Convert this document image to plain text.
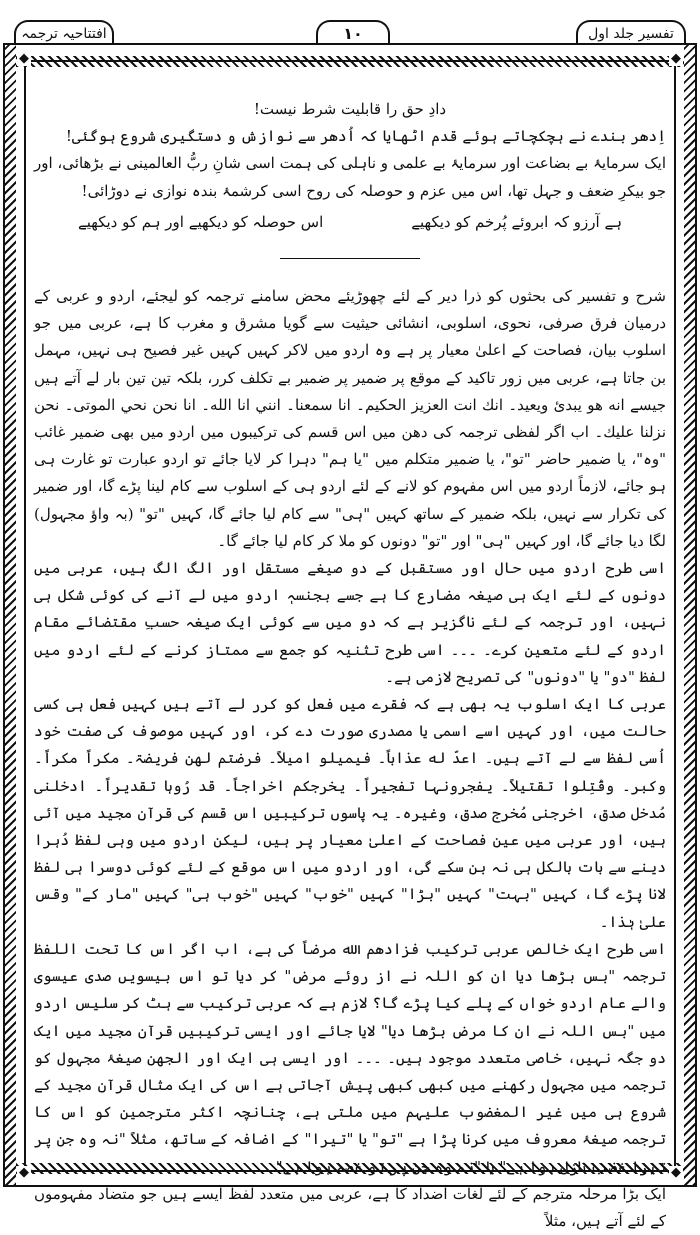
افتتاحیہ ترجمہ	۱۰	تفسیر جلد اول
◆	◆
◆	◆

دادِ حق را قابلیت شرط نیست!

اِدھر بندے نے ہچکچاتے ہوئے قدم اٹھایا کہ اُدھر سے نوازش و دستگیری شروع ہوگئی!

ایک سرمایۂ بے بضاعت اور سرمایۂ بے علمی و ناہلی کی ہمت اسی شانِ ربُّ العالمینی نے بڑھائی، اور جو بیکرِ ضعف و جہل تھا، اس میں عزم و حوصلہ کی روح اسی کرشمۂ بندہ نوازی نے دوڑائی!

ہے آرزو کہ ابروئے پُرخم کو دیکھیے
اس حوصلہ کو دیکھیے اور ہم کو دیکھیے

شرح و تفسیر کی بحثوں کو ذرا دیر کے لئے چھوڑیئے محض سامنے ترجمہ کو لیجئے، اردو و عربی کے درمیان فرق صرفی، نحوی، اسلوبی، انشائی حیثیت سے گویا مشرق و مغرب کا ہے، عربی میں جو اسلوب بیان، فصاحت کے اعلیٰ معیار پر ہے وہ اردو میں لاکر کہیں کہیں غیر فصیح ہی نہیں، مہمل بن جاتا ہے، عربی میں زور تاکید کے موقع پر ضمیر پر ضمیر بے تکلف کرر، بلکہ تین تین بار لے آتے ہیں جیسے انه هو يبدئ ويعيد۔ انك انت العزيز الحكيم۔ انا سمعنا۔ انني انا الله۔ انا نحن نحي الموتى۔ نحن نزلنا عليك۔ اب اگر لفظی ترجمہ کی دھن میں اس قسم کی ترکیبوں میں اردو میں بھی ضمیر غائب "وہ"، یا ضمیر حاضر "تو"، یا ضمیر متکلم میں "یا ہم" دہرا کر لایا جائے تو اردو عبارت تو غارت ہی ہو جائے، لازماً اردو میں اس مفہوم کو لانے کے لئے اردو ہی کے اسلوب سے کام لینا پڑے گا، اور ضمیر کی تکرار سے نہیں، بلکہ ضمیر کے ساتھ کہیں "ہی" سے کام لیا جائے گا، کہیں "تو" (بہ واؤ مجہول) لگا دیا جائے گا، اور کہیں "ہی" اور "تو" دونوں کو ملا کر کام لیا جائے گا۔

اسی طرح اردو میں حال اور مستقبل کے دو صیغے مستقل اور الگ الگ ہیں، عربی میں دونوں کے لئے ایک ہی صیغہ مضارع کا ہے جسے بجنسہٖ اردو میں لے آنے کی کوئی شکل ہی نہیں، اور ترجمہ کے لئے ناگزیر ہے کہ دو میں سے کوئی ایک صیغہ حسبِ مقتضائے مقام اردو کے لئے متعین کرے۔ ۔۔۔ اسی طرح تثنیہ کو جمع سے ممتاز کرنے کے لئے اردو میں لفظ "دو" یا "دونوں" کی تصریح لازمی ہے۔

عربی کا ایک اسلوب یہ بھی ہے کہ فقرے میں فعل کو کرر لے آتے ہیں کہیں فعل ہی کسی حالت میں، اور کہیں اسے اسمی یا مصدری صورت دے کر، اور کہیں موصوف کی صفت خود اُسی لفظ سے لے آتے ہیں۔ اعدّ له عذاباً۔ فیمیلو امیلاً۔ فرضتم لهن فریضۃ۔ مکراً مکراً۔ وکبر۔ وقُتِلوا تقتیلاً۔ یفجرونہا تفجیراً۔ یخرجکم اخراجاً۔ قد رُوہا تقدیراً۔ ادخلنی مُدخل صدق، اخرجنی مُخرج صدق، وغیرہ۔ یہ پاسوں ترکیبیں اس قسم کی قرآن مجید میں آئی ہیں، اور عربی میں عین فصاحت کے اعلیٰ معیار پر ہیں، لیکن اردو میں وہی لفظ دُہرا دینے سے بات بالکل ہی نہ بن سکے گی، اور اردو میں اس موقع کے لئے کوئی دوسرا ہی لفظ لانا پڑے گا، کہیں "بہت" کہیں "بڑا" کہیں "خوب" کہیں "خوب ہی" کہیں "مار کے" وقس علیٰ ہٰذا۔

اسی طرح ایک خالص عربی ترکیب فزادهم الله مرضاً کی ہے، اب اگر اس کا تحت اللفظ ترجمہ "بس بڑھا دیا ان کو اللہ نے از روئے مرض" کر دیا تو اس بیسویں صدی عیسوی والے عام اردو خواں کے پلے کیا پڑے گا؟ لازم ہے کہ عربی ترکیب سے ہٹ کر سلیس اردو میں "بس اللہ نے ان کا مرض بڑھا دیا" لایا جائے اور ایسی ترکیبیں قرآن مجید میں ایک دو جگہ نہیں، خاصی متعدد موجود ہیں۔ ۔۔۔ اور ایسی ہی ایک اور الجھن صیغۂ مجہول کو ترجمہ میں مجہول رکھنے میں کبھی کبھی پیش آجاتی ہے اس کی ایک مثال قرآن مجید کے شروع ہی میں غیر المغضوب علیہم میں ملتی ہے، چنانچہ اکثر مترجمین کو اس کا ترجمہ صیغۂ معروف میں کرنا پڑا ہے "تو" یا "تیرا" کے اضافہ کے ساتھ، مثلاً "نہ وہ جن پر تیرا غضب نازل ہوا ہے" یا "نہ وہ جن پر تو غصہ ہوا ہے"۔

ایک بڑا مرحلہ مترجم کے لئے لغات اضداد کا ہے، عربی میں متعدد لفظ ایسے ہیں جو متضاد مفہوموں کے لئے آتے ہیں، مثلاً
